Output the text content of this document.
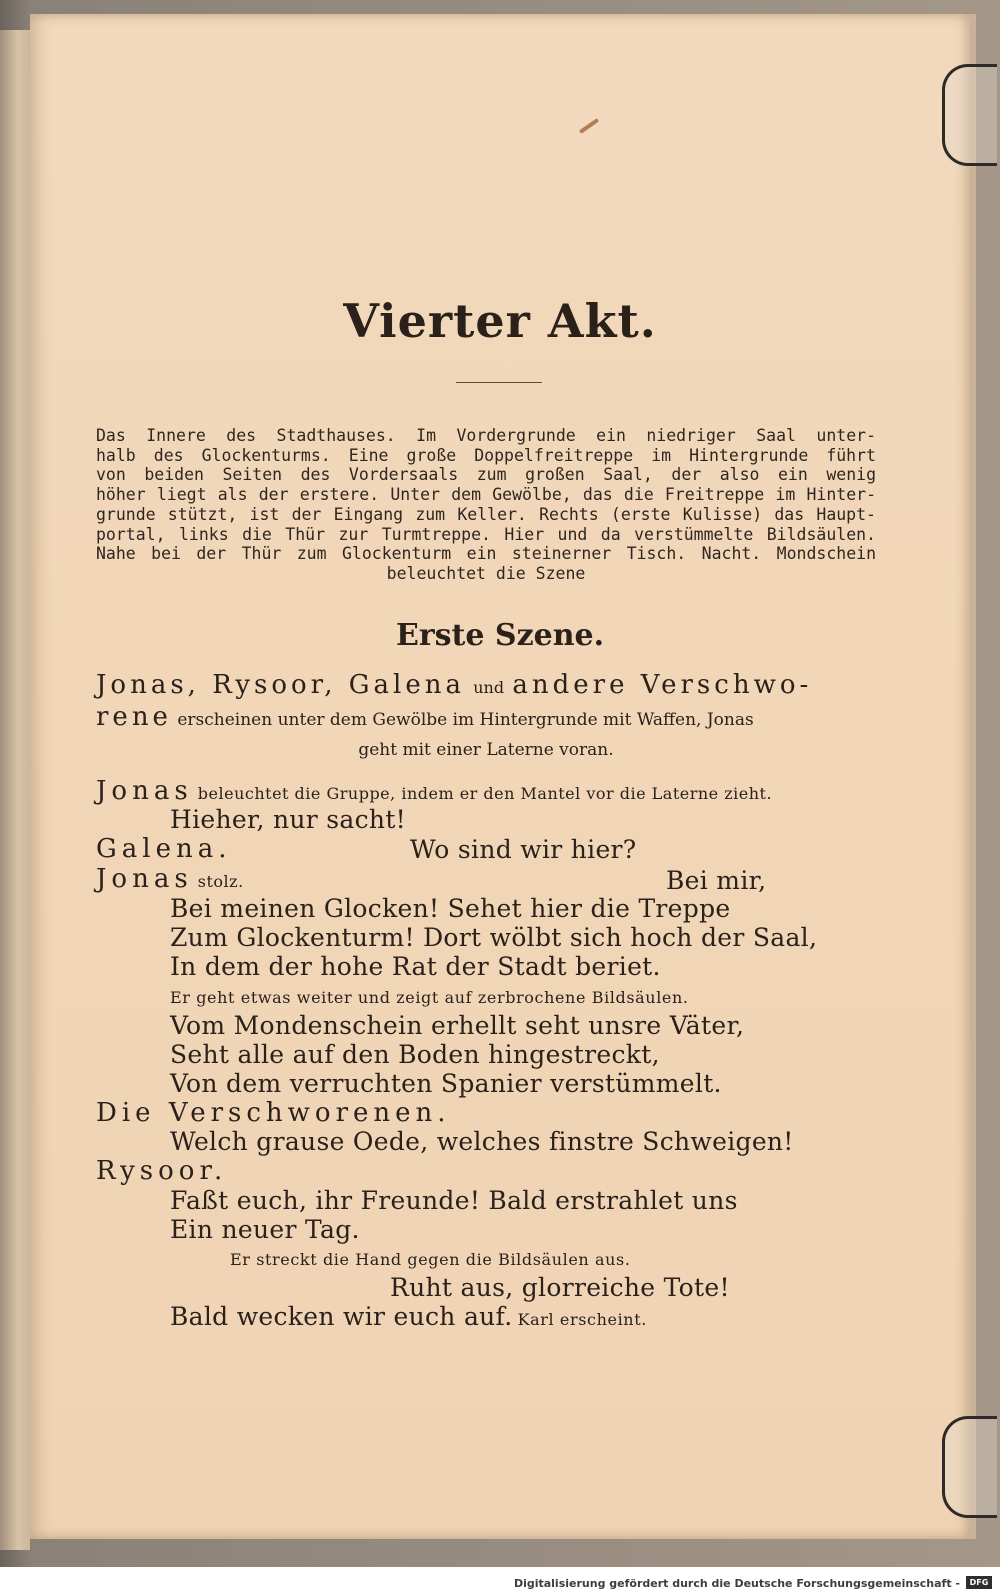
Vierter Akt.
Das Innere des Stadthauses. Im Vordergrunde ein niedriger Saal unter-
halb des Glockenturms. Eine große Doppelfreitreppe im Hintergrunde führt
von beiden Seiten des Vordersaals zum großen Saal, der also ein wenig
höher liegt als der erstere. Unter dem Gewölbe, das die Freitreppe im Hinter-
grunde stützt, ist der Eingang zum Keller. Rechts (erste Kulisse) das Haupt-
portal, links die Thür zur Turmtreppe. Hier und da verstümmelte Bildsäulen.
Nahe bei der Thür zum Glockenturm ein steinerner Tisch. Nacht. Mondschein
beleuchtet die Szene
Erste Szene.
Jonas, Rysoor, Galena und andere Verschwo-
rene erscheinen unter dem Gewölbe im Hintergrunde mit Waffen, Jonas
geht mit einer Laterne voran.
Jonas beleuchtet die Gruppe, indem er den Mantel vor die Laterne zieht.
Hieher, nur sacht!
Galena.	Wo sind wir hier?
Jonas stolz.	Bei mir,
Bei meinen Glocken! Sehet hier die Treppe
Zum Glockenturm! Dort wölbt sich hoch der Saal,
In dem der hohe Rat der Stadt beriet.
Er geht etwas weiter und zeigt auf zerbrochene Bildsäulen.
Vom Mondenschein erhellt seht unsre Väter,
Seht alle auf den Boden hingestreckt,
Von dem verruchten Spanier verstümmelt.
Die Verschworenen.
Welch grause Oede, welches finstre Schweigen!
Rysoor.
Faßt euch, ihr Freunde! Bald erstrahlet uns
Ein neuer Tag.
Er streckt die Hand gegen die Bildsäulen aus.
Ruht aus, glorreiche Tote!
Bald wecken wir euch auf. Karl erscheint.
Digitalisierung gefördert durch die Deutsche Forschungsgemeinschaft -	DFG
